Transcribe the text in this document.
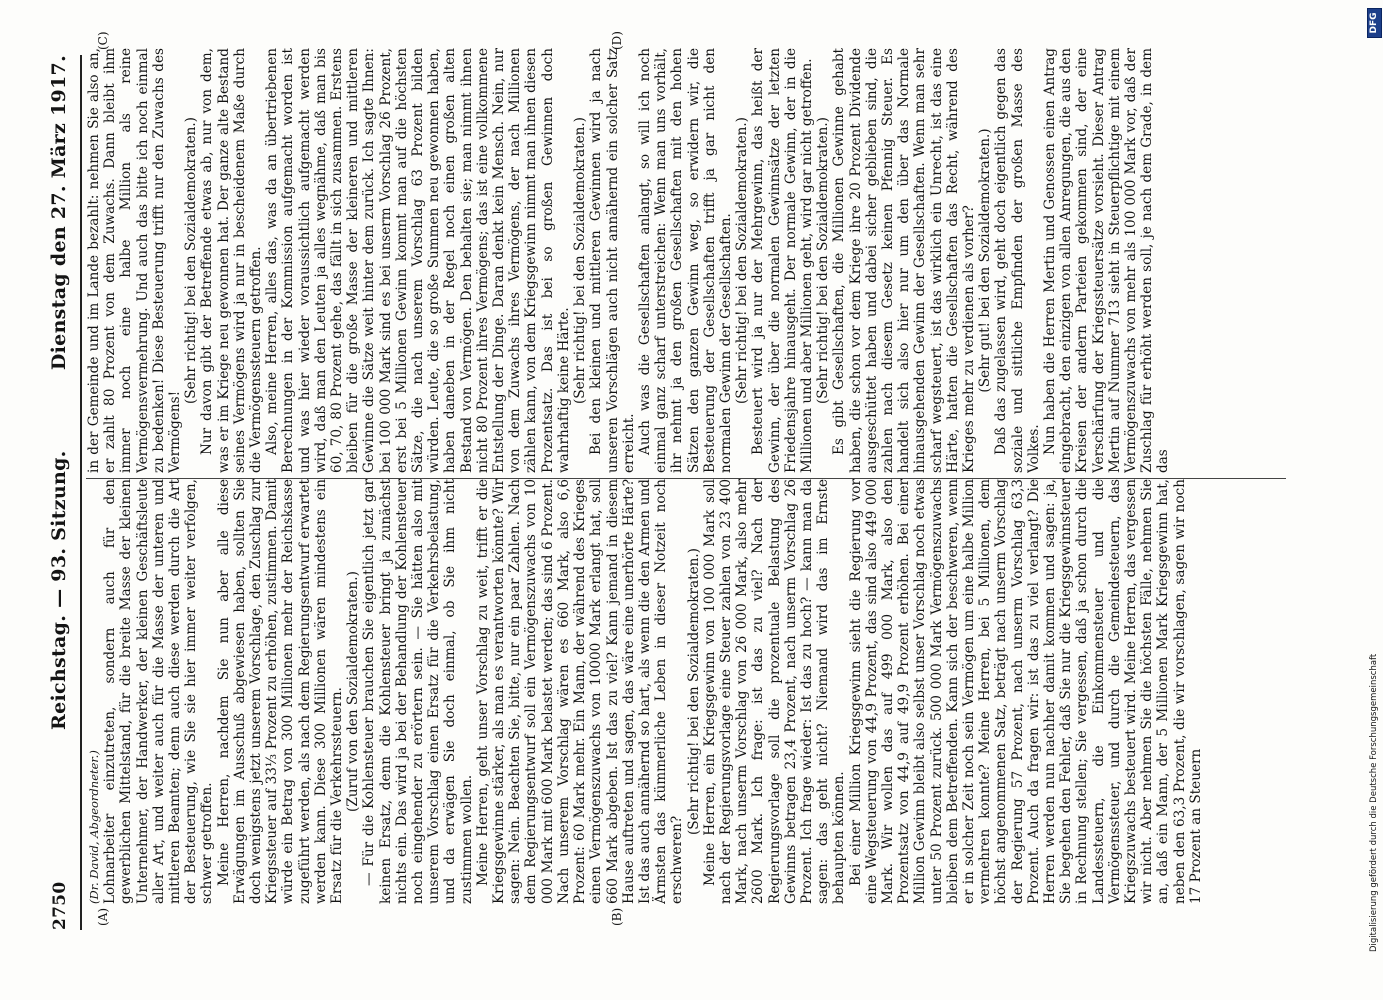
2750
Reichstag. — 93. Sitzung.
Dienstag den 27. März 1917.
(A)	(B)
(C)	(D)

(Dr. David, Abgeordneter.) Lohnarbeiter einzutreten, sondern auch für den gewerblichen Mittelstand, für die breite Masse der kleinen Unternehmer, der Handwerker, der kleinen Geschäftsleute aller Art, und weiter auch für die Masse der unteren und mittleren Beamten; denn auch diese werden durch die Art der Besteuerung, wie Sie sie hier immer weiter verfolgen, schwer getroffen. Meine Herren, nachdem Sie nun aber alle diese Erwägungen im Ausschuß abgewiesen haben, sollten Sie doch wenigstens jetzt unserem Vorschlage, den Zuschlag zur Kriegssteuer auf 33⅓ Prozent zu erhöhen, zustimmen. Damit würde ein Betrag von 300 Millionen mehr der Reichskasse zugeführt werden, als nach dem Regierungsentwurf erwartet werden kann. Diese 300 Millionen wären mindestens ein Ersatz für die Verkehrssteuern. (Zuruf von den Sozialdemokraten.) — Für die Kohlensteuer brauchen Sie eigentlich jetzt gar keinen Ersatz, denn die Kohlensteuer bringt ja zunächst nichts ein. Das wird ja bei der Behandlung der Kohlensteuer noch eingehender zu erörtern sein. — Sie hätten also mit unserem Vorschlag einen Ersatz für die Verkehrsbelastung, und da erwägen Sie doch einmal, ob Sie ihm nicht zustimmen wollen. Meine Herren, geht unser Vorschlag zu weit, trifft er die Kriegsgewinne stärker, als man es verantworten könnte? Wir sagen: Nein. Beachten Sie, bitte, nur ein paar Zahlen. Nach dem Regierungsentwurf soll ein Vermögenszuwachs von 10 000 Mark mit 600 Mark belastet werden; das sind 6 Prozent. Nach unserem Vorschlag wären es 660 Mark, also 6,6 Prozent: 60 Mark mehr. Ein Mann, der während des Krieges einen Vermögenszuwachs von 10000 Mark erlangt hat, soll 660 Mark abgeben. Ist das zu viel? Kann jemand in diesem Hause auftreten und sagen, das wäre eine unerhörte Härte? Ist das auch annähernd so hart, als wenn die den Armen und Ärmsten das kümmerliche Leben in dieser Notzeit noch erschweren?

(Sehr richtig! bei den Sozialdemokraten.) Meine Herren, ein Kriegsgewinn von 100 000 Mark soll nach der Regierungsvorlage eine Steuer zahlen von 23 400 Mark, nach unserm Vorschlag von 26 000 Mark, also mehr 2600 Mark. Ich frage: ist das zu viel? Nach der Regierungsvorlage soll die prozentuale Belastung des Gewinns betragen 23,4 Prozent, nach unserm Vorschlag 26 Prozent. Ich frage wieder: Ist das zu hoch? — kann man da sagen: das geht nicht? Niemand wird das im Ernste behaupten können. Bei einer Million Kriegsgewinn sieht die Regierung vor eine Wegsteuerung von 44,9 Prozent, das sind also 449 000 Mark. Wir wollen das auf 499 000 Mark, also den Prozentsatz von 44,9 auf 49,9 Prozent erhöhen. Bei einer Million Gewinn bleibt also selbst unser Vorschlag noch etwas unter 50 Prozent zurück. 500 000 Mark Vermögenszuwachs bleiben dem Betreffenden. Kann sich der beschweren, wenn er in solcher Zeit noch sein Vermögen um eine halbe Million vermehren konnte? Meine Herren, bei 5 Millionen, dem höchst angenommenen Satz, beträgt nach unserm Vorschlag der Regierung 57 Prozent, nach unserm Vorschlag 63,3 Prozent. Auch da fragen wir: ist das zu viel verlangt? Die Herren werden nun nachher damit kommen und sagen: ja, Sie begehen den Fehler, daß Sie nur die Kriegsgewinnsteuer in Rechnung stellen; Sie vergessen, daß ja schon durch die Landessteuern, die Einkommensteuer und die Vermögenssteuer, und durch die Gemeindesteuern, das Kriegszuwachs besteuert wird. Meine Herren, das vergessen wir nicht. Aber nehmen Sie die höchsten Fälle, nehmen Sie an, daß ein Mann, der 5 Millionen Mark Kriegsgewinn hat, neben den 63,3 Prozent, die wir vorschlagen, sagen wir noch 17 Prozent an Steuern

in der Gemeinde und im Lande bezahlt: nehmen Sie also an, er zahlt 80 Prozent von dem Zuwachs. Dann bleibt ihm immer noch eine halbe Million als reine Vermögensvermehrung. Und auch das bitte ich noch einmal zu bedenken! Diese Besteuerung trifft nur den Zuwachs des Vermögens!

(Sehr richtig! bei den Sozialdemokraten.) Nur davon gibt der Betreffende etwas ab, nur von dem, was er im Kriege neu gewonnen hat. Der ganze alte Bestand seines Vermögens wird ja nur in bescheidenem Maße durch die Vermögenssteuern getroffen. Also, meine Herren, alles das, was da an übertriebenen Berechnungen in der Kommission aufgemacht worden ist und was hier wieder voraussichtlich aufgemacht werden wird, daß man den Leuten ja alles wegnähme, daß man bis 60, 70, 80 Prozent gehe, das fällt in sich zusammen. Erstens bleiben für die große Masse der kleineren und mittleren Gewinne die Sätze weit hinter dem zurück. Ich sagte Ihnen: bei 100 000 Mark sind es bei unserm Vorschlag 26 Prozent, erst bei 5 Millionen Gewinn kommt man auf die höchsten Sätze, die nach unserem Vorschlag 63 Prozent bilden würden. Leute, die so große Summen neu gewonnen haben, haben daneben in der Regel noch einen großen alten Bestand von Vermögen. Den behalten sie; man nimmt ihnen nicht 80 Prozent ihres Vermögens; das ist eine vollkommene Entstellung der Dinge. Daran denkt kein Mensch. Nein, nur von dem Zuwachs ihres Vermögens, der nach Millionen zählen kann, von dem Kriegsgewinn nimmt man ihnen diesen Prozentsatz. Das ist bei so großen Gewinnen doch wahrhaftig keine Härte. (Sehr richtig! bei den Sozialdemokraten.) Bei den kleinen und mittleren Gewinnen wird ja nach unseren Vorschlägen auch nicht annähernd ein solcher Satz erreicht. Auch was die Gesellschaften anlangt, so will ich noch einmal ganz scharf unterstreichen: Wenn man uns vorhält, ihr nehmt ja den großen Gesellschaften mit den hohen Sätzen den ganzen Gewinn weg, so erwidern wir, die Besteuerung der Gesellschaften trifft ja gar nicht den normalen Gewinn der Gesellschaften. (Sehr richtig! bei den Sozialdemokraten.) Besteuert wird ja nur der Mehrgewinn, das heißt der Gewinn, der über die normalen Gewinnsätze der letzten Friedensjahre hinausgeht. Der normale Gewinn, der in die Millionen und aber Millionen geht, wird gar nicht getroffen. (Sehr richtig! bei den Sozialdemokraten.) Es gibt Gesellschaften, die Millionen Gewinne gehabt haben, die schon vor dem Kriege ihre 20 Prozent Dividende ausgeschüttet haben und dabei sicher geblieben sind, die zahlen nach diesem Gesetz keinen Pfennig Steuer. Es handelt sich also hier nur um den über das Normale hinausgehenden Gewinn der Gesellschaften. Wenn man sehr scharf wegsteuert, ist das wirklich ein Unrecht, ist das eine Härte, hatten die Gesellschaften das Recht, während des Krieges mehr zu verdienen als vorher? (Sehr gut! bei den Sozialdemokraten.) Daß das zugelassen wird, geht doch eigentlich gegen das soziale und sittliche Empfinden der großen Masse des Volkes. Nun haben die Herren Mertin und Genossen einen Antrag eingebracht, den einzigen von allen Anregungen, die aus den Kreisen der andern Parteien gekommen sind, der eine Verschärfung der Kriegssteuersätze vorsieht. Dieser Antrag Mertin auf Nummer 713 sieht in Steuerpflichtige mit einem Vermögenszuwachs von mehr als 100 000 Mark vor, daß der Zuschlag für erhöht werden soll, je nach dem Grade, in dem das

DFG
Digitalisierung gefördert durch die Deutsche Forschungsgemeinschaft
